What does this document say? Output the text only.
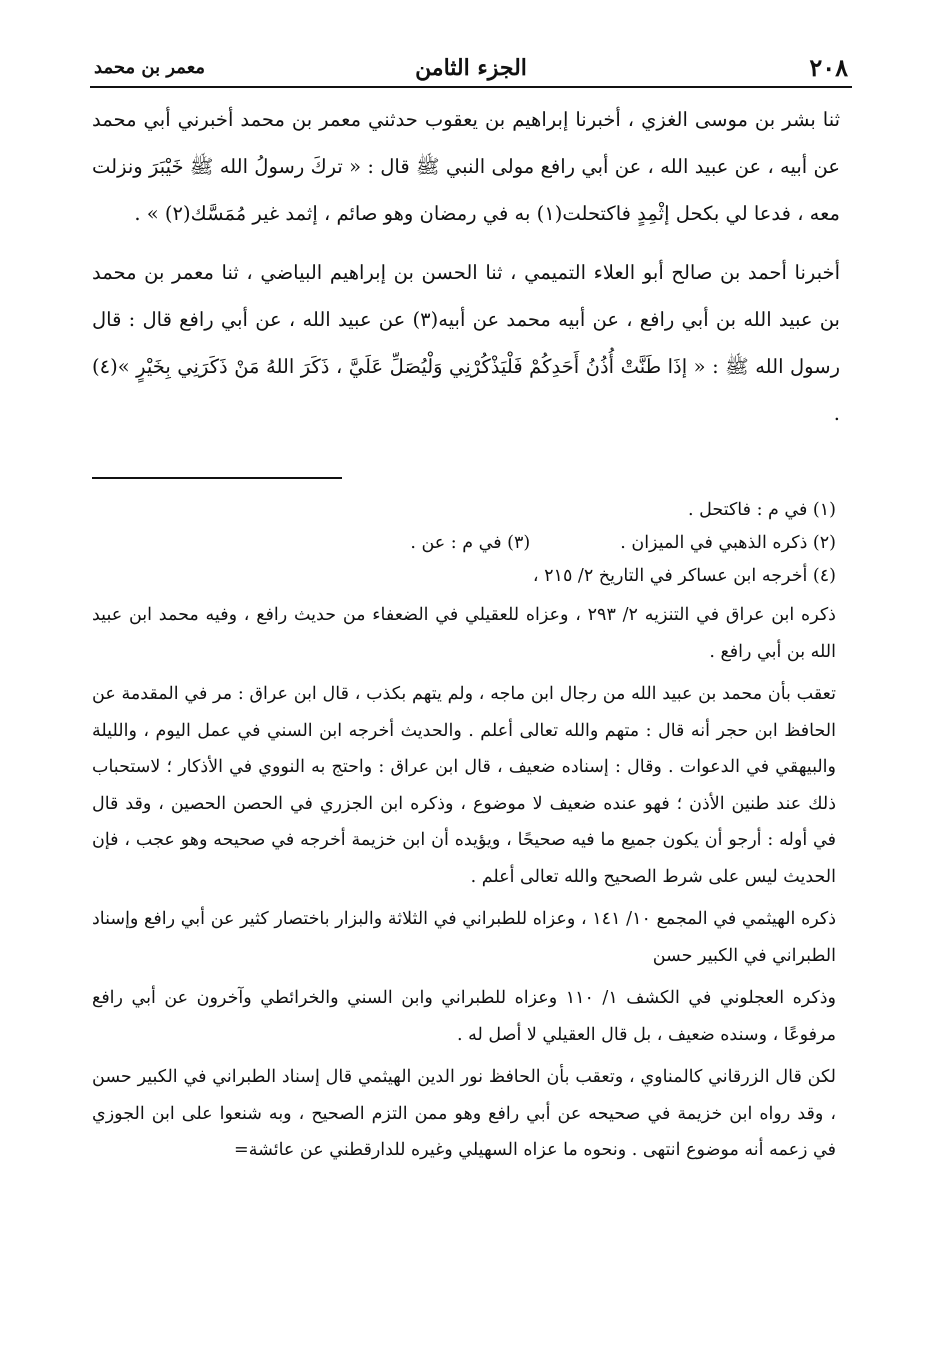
٢٠٨
الجزء الثامن
معمر بن محمد

ثنا بشر بن موسى الغزي ، أخبرنا إبراهيم بن يعقوب حدثني معمر بن محمد أخبرني أبي محمد عن أبيه ، عن عبيد الله ، عن أبي رافع مولى النبي ﷺ قال : « تركَ رسولُ الله ﷺ خَيْبَرَ ونزلت معه ، فدعا لي بكحل إثْمِدٍ فاكتحلت(١) به في رمضان وهو صائم ، إثمد غير مُمَسَّك(٢) » .

أخبرنا أحمد بن صالح أبو العلاء التميمي ، ثنا الحسن بن إبراهيم البياضي ، ثنا معمر بن محمد بن عبيد الله بن أبي رافع ، عن أبيه محمد عن أبيه(٣) عن عبيد الله ، عن أبي رافع قال : قال رسول الله ﷺ : « إذَا طَنَّتْ أُذُنُ أَحَدِكُمْ فَلْيَذْكُرْنِي وَلْيُصَلِّ عَلَيَّ ، ذَكَرَ اللهُ مَنْ ذَكَرَنِي بِخَيْرٍ »(٤) .

(١) في م : فاكتحل .

(٢) ذكره الذهبي في الميزان .
(٣) في م : عن .

(٤) أخرجه ابن عساكر في التاريخ ٢/ ٢١٥ ،

ذكره ابن عراق في التنزيه ٢/ ٢٩٣ ، وعزاه للعقيلي في الضعفاء من حديث رافع ، وفيه محمد ابن عبيد الله بن أبي رافع .

تعقب بأن محمد بن عبيد الله من رجال ابن ماجه ، ولم يتهم بكذب ، قال ابن عراق : مر في المقدمة عن الحافظ ابن حجر أنه قال : متهم والله تعالى أعلم . والحديث أخرجه ابن السني في عمل اليوم ، والليلة والبيهقي في الدعوات . وقال : إسناده ضعيف ، قال ابن عراق : واحتج به النووي في الأذكار ؛ لاستحباب ذلك عند طنين الأذن ؛ فهو عنده ضعيف لا موضوع ، وذكره ابن الجزري في الحصن الحصين ، وقد قال في أوله : أرجو أن يكون جميع ما فيه صحيحًا ، ويؤيده أن ابن خزيمة أخرجه في صحيحه وهو عجب ، فإن الحديث ليس على شرط الصحيح والله تعالى أعلم .

ذكره الهيثمي في المجمع ١٠/ ١٤١ ، وعزاه للطبراني في الثلاثة والبزار باختصار كثير عن أبي رافع وإسناد الطبراني في الكبير حسن

وذكره العجلوني في الكشف ١/ ١١٠ وعزاه للطبراني وابن السني والخرائطي وآخرون عن أبي رافع مرفوعًا ، وسنده ضعيف ، بل قال العقيلي لا أصل له .

لكن قال الزرقاني كالمناوي ، وتعقب بأن الحافظ نور الدين الهيثمي قال إسناد الطبراني في الكبير حسن ، وقد رواه ابن خزيمة في صحيحه عن أبي رافع وهو ممن التزم الصحيح ، وبه شنعوا على ابن الجوزي في زعمه أنه موضوع انتهى . ونحوه ما عزاه السهيلي وغيره للدارقطني عن عائشة=
